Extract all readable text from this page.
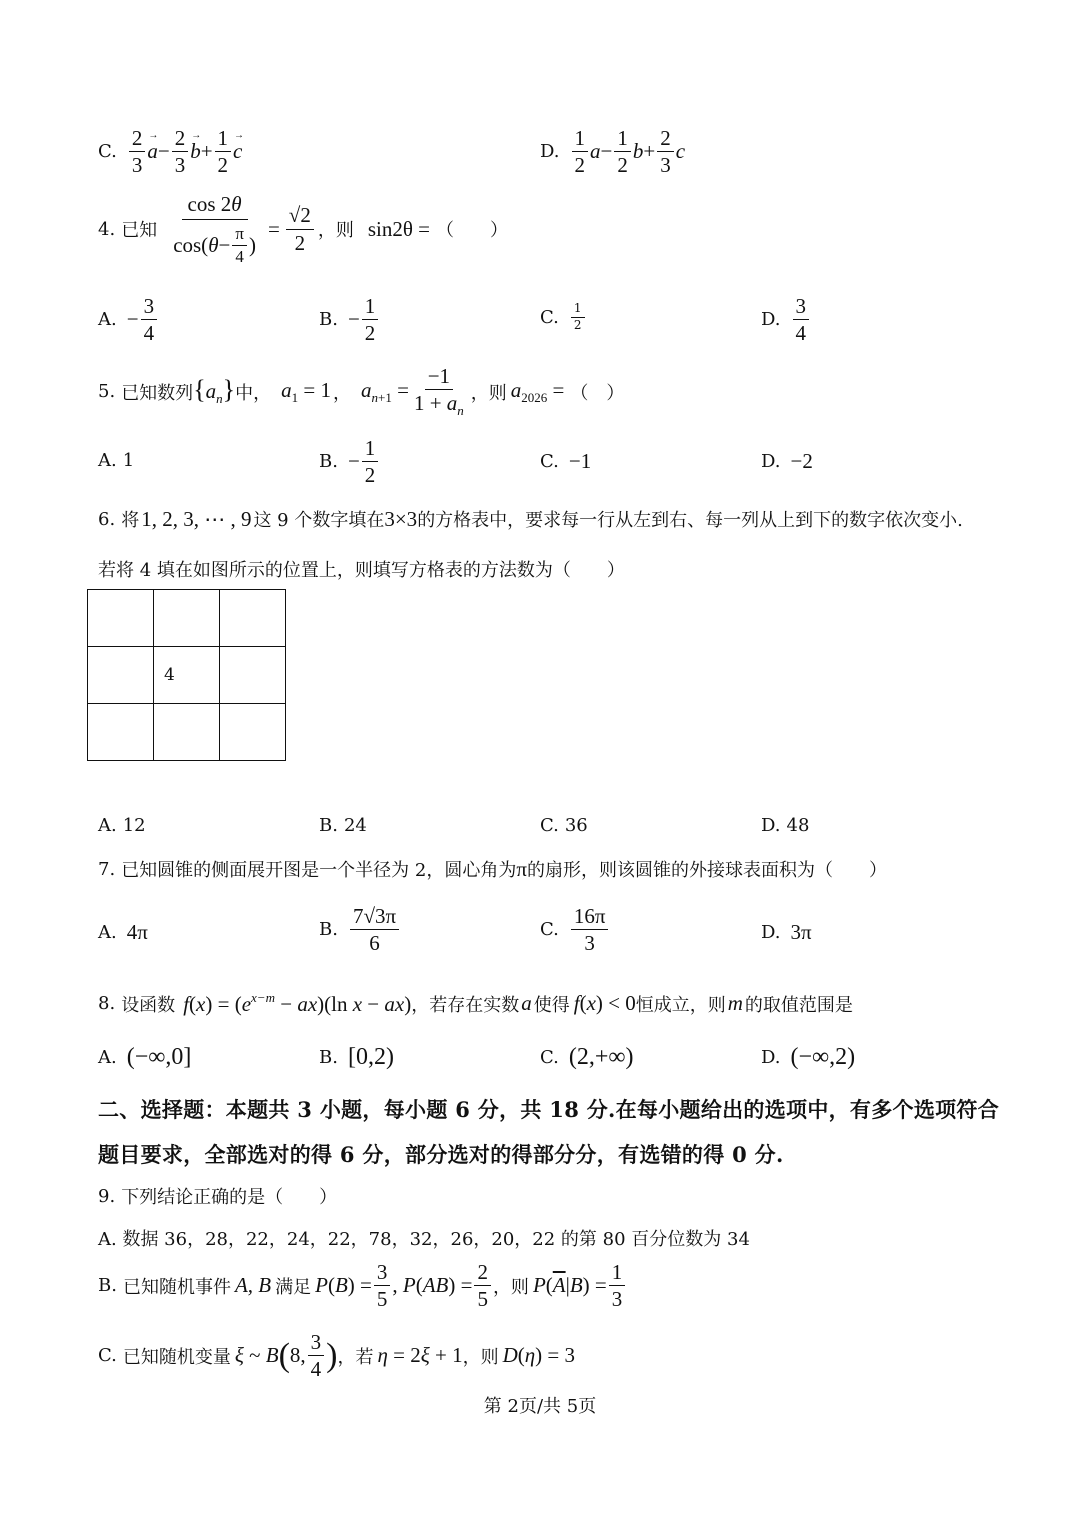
C. $\frac{2}{3} \to a - \frac{2}{3} \to b + \frac{1}{2} \to c$	D. $\frac{1}{2}$ $a - \frac{1}{2}$ $b + \frac{2}{3}$ c
4. 已知 $\frac{\cos 2\theta}{\cos( \theta - \frac{\pi}{4} )} = \frac{√2}{2}$ ，则 sin2θ = （　　）
A. − $\frac{3}{4}$	B. − $\frac{1}{2}$	C. $\frac{1}{2}$	D. $\frac{3}{4}$
5. 已知数列 $\{a_n\}$ 中， $a_1 = 1$ ， $a_{n+1} = \frac{-1}{1 + a_n}$ ，则 $a_{2026}$ = （　）
A. 1	B. − $\frac{1}{2}$	C. −1	D. −2
6. 将 1, 2, 3, ⋯ , 9 这 9 个数字填在 3×3 的方格表中，要求每一行从左到右、每一列从上到下的数字依次变小.
若将 4 填在如图所示的位置上，则填写方格表的方法数为（　　）

	4	

A. 12	B. 24	C. 36	D. 48
7. 已知圆锥的侧面展开图是一个半径为 2，圆心角为 π 的扇形，则该圆锥的外接球表面积为（　　）
A. 4π	B. $\frac{7√3\pi}{6}$	C. $\frac{16\pi}{3}$	D. 3π
8. 设函数 $f(x) = (e^{x-m} - ax)(\ln$ x − ax) ，若存在实数 a 使得 f(x) < 0 恒成立，则 m 的取值范围是
A. (−∞,0]	B. [0,2)	C. (2,+∞)	D. (−∞,2)
二、选择题：本题共 3 小题，每小题 6 分，共 18 分.在每小题给出的选项中，有多个选项符合
题目要求，全部选对的得 6 分，部分选对的得部分分，有选错的得 0 分.
9. 下列结论正确的是（　　）
A. 数据 36，28，22，24，22，78，32，26，20，22 的第 80 百分位数为 34
B. 已知随机事件 A, B 满足 $P(B) = \frac{3}{5}$ , $P(AB) = \frac{2}{5}$ ，则 $P(\overline{A}|B) = \frac{1}{3}$
C. 已知随机变量 ξ ~ B ( 8, $\frac{3}{4}$ ) ，若 η = 2ξ + 1 ，则 D(η) = 3
第 2页/共 5页
